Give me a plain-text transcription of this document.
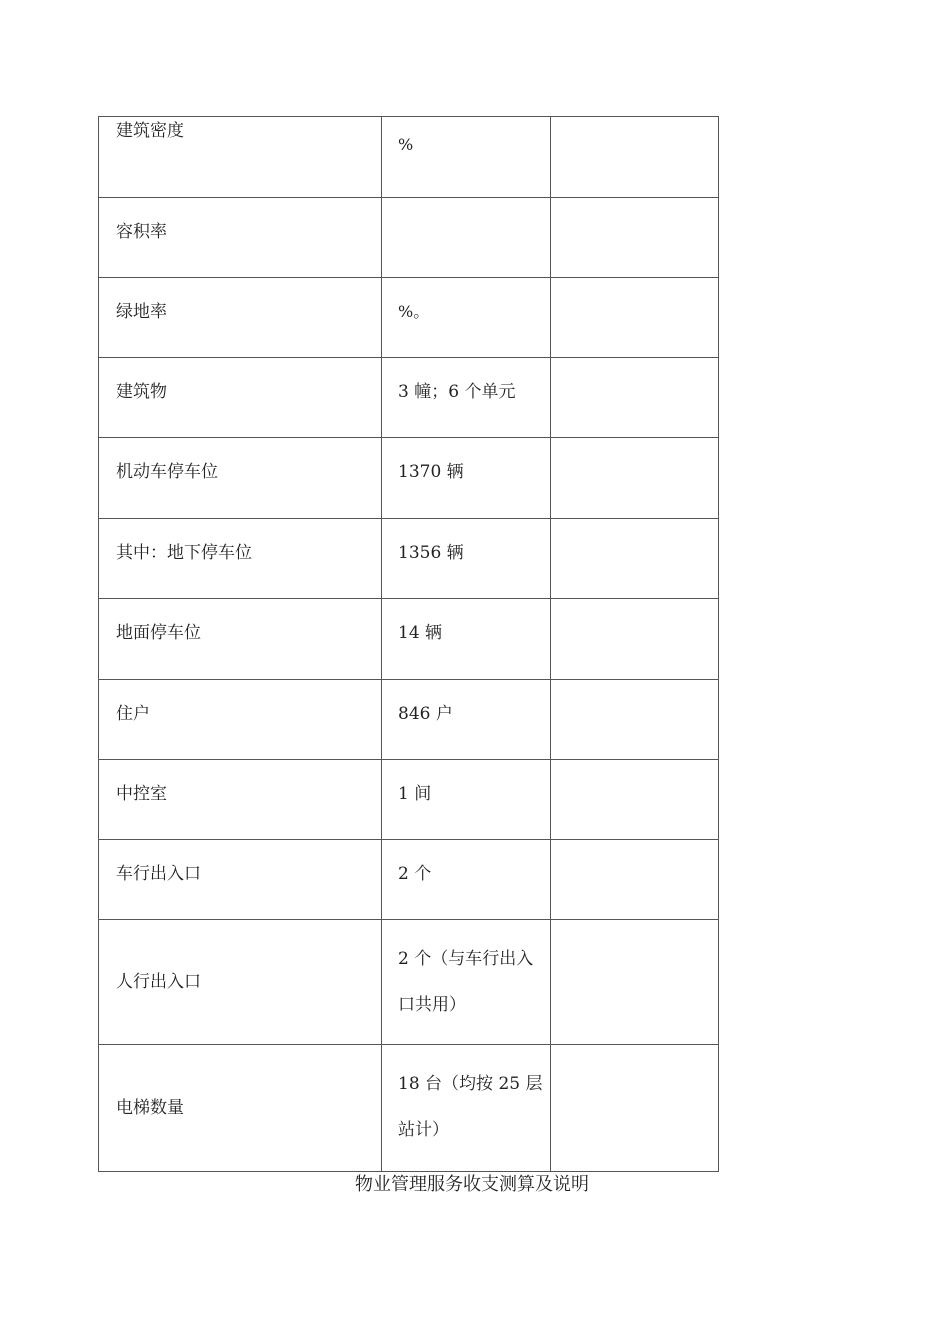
建筑密度	%	

容积率		

绿地率	%。	

建筑物	3 幢；6 个单元	

机动车停车位	1370 辆	

其中：地下停车位	1356 辆	

地面停车位	14 辆	

住户	846 户	

中控室	1 间	

车行出入口	2 个	

人行出入口	2 个（与车行出入口共用）	

电梯数量	18 台（均按 25 层站计）	

物业管理服务收支测算及说明
